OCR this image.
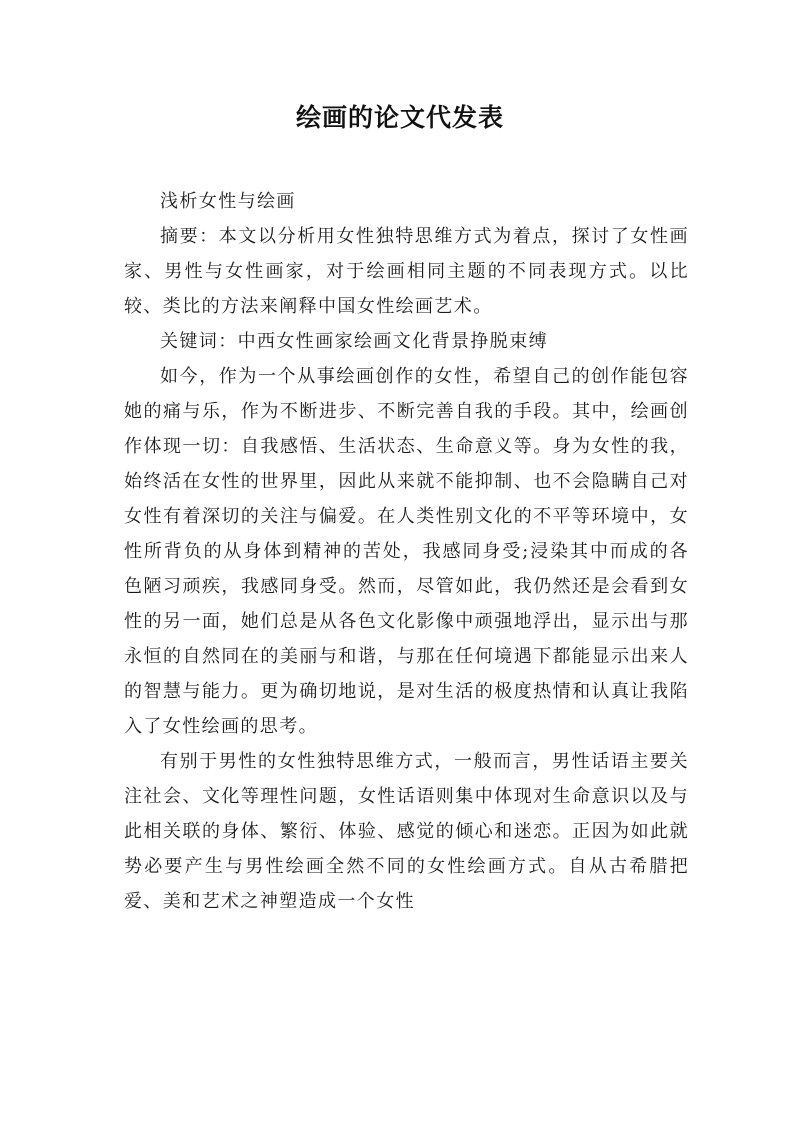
绘画的论文代发表

浅析女性与绘画

摘要：本文以分析用女性独特思维方式为着点，探讨了女性画家、男性与女性画家，对于绘画相同主题的不同表现方式。以比较、类比的方法来阐释中国女性绘画艺术。

关键词：中西女性画家绘画文化背景挣脱束缚

如今，作为一个从事绘画创作的女性，希望自己的创作能包容她的痛与乐，作为不断进步、不断完善自我的手段。其中，绘画创作体现一切：自我感悟、生活状态、生命意义等。身为女性的我，始终活在女性的世界里，因此从来就不能抑制、也不会隐瞒自己对女性有着深切的关注与偏爱。在人类性别文化的不平等环境中，女性所背负的从身体到精神的苦处，我感同身受;浸染其中而成的各色陋习顽疾，我感同身受。然而，尽管如此，我仍然还是会看到女性的另一面，她们总是从各色文化影像中顽强地浮出，显示出与那永恒的自然同在的美丽与和谐，与那在任何境遇下都能显示出来人的智慧与能力。更为确切地说，是对生活的极度热情和认真让我陷入了女性绘画的思考。

有别于男性的女性独特思维方式，一般而言，男性话语主要关注社会、文化等理性问题，女性话语则集中体现对生命意识以及与此相关联的身体、繁衍、体验、感觉的倾心和迷恋。正因为如此就势必要产生与男性绘画全然不同的女性绘画方式。自从古希腊把爱、美和艺术之神塑造成一个女性
